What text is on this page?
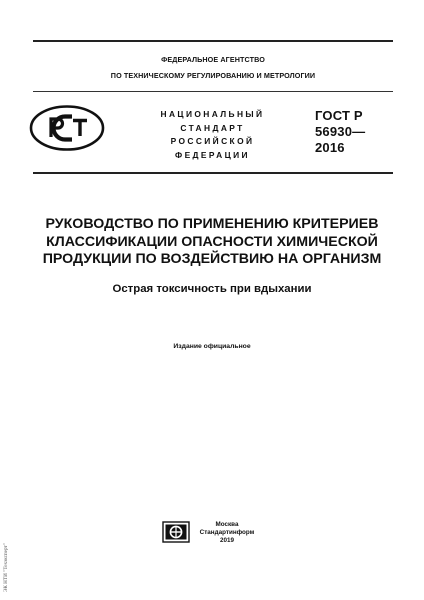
ФЕДЕРАЛЬНОЕ АГЕНТСТВО
ПО ТЕХНИЧЕСКОМУ РЕГУЛИРОВАНИЮ И МЕТРОЛОГИИ
НАЦИОНАЛЬНЫЙ
СТАНДАРТ
РОССИЙСКОЙ
ФЕДЕРАЦИИ
ГОСТ Р
56930—
2016
РУКОВОДСТВО ПО ПРИМЕНЕНИЮ КРИТЕРИЕВ
КЛАССИФИКАЦИИ ОПАСНОСТИ ХИМИЧЕСКОЙ
ПРОДУКЦИИ ПО ВОЗДЕЙСТВИЮ НА ОРГАНИЗМ
Острая токсичность при вдыхании
Издание официальное
ЭК НТИ "Техэксперт"
Москва
Стандартинформ
2019
